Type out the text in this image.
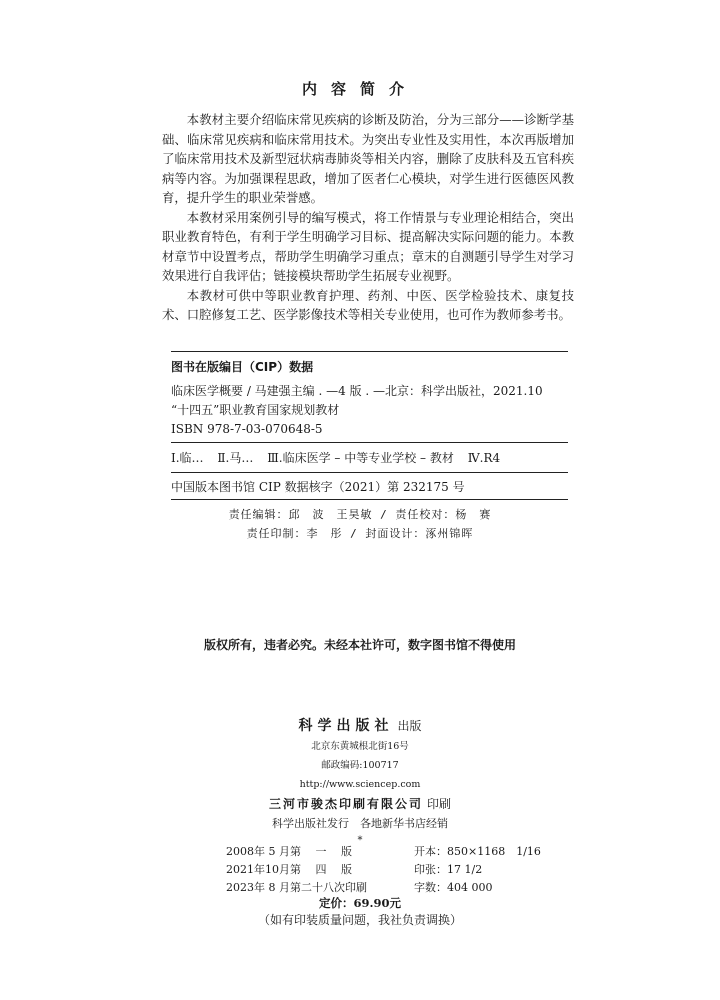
内容简介

本教材主要介绍临床常见疾病的诊断及防治，分为三部分——诊断学基础、临床常见疾病和临床常用技术。为突出专业性及实用性，本次再版增加了临床常用技术及新型冠状病毒肺炎等相关内容，删除了皮肤科及五官科疾病等内容。为加强课程思政，增加了医者仁心模块，对学生进行医德医风教育，提升学生的职业荣誉感。

本教材采用案例引导的编写模式，将工作情景与专业理论相结合，突出职业教育特色，有利于学生明确学习目标、提高解决实际问题的能力。本教材章节中设置考点，帮助学生明确学习重点；章末的自测题引导学生对学习效果进行自我评估；链接模块帮助学生拓展专业视野。

本教材可供中等职业教育护理、药剂、中医、医学检验技术、康复技术、口腔修复工艺、医学影像技术等相关专业使用，也可作为教师参考书。

图书在版编目（CIP）数据
临床医学概要 / 马建强主编 . —4 版 . —北京：科学出版社，2021.10
“十四五”职业教育国家规划教材
ISBN 978-7-03-070648-5
Ⅰ.临… Ⅱ.马… Ⅲ.临床医学 – 中等专业学校 – 教材 Ⅳ.R4
中国版本图书馆 CIP 数据核字（2021）第 232175 号
责任编辑：邱　波　王昊敏 / 责任校对：杨　赛
责任印制：李　彤 / 封面设计：涿州锦晖
版权所有，违者必究。未经本社许可，数字图书馆不得使用
科学出版社 出版
北京东黄城根北街16号
邮政编码:100717
http://www.sciencep.com
三河市骏杰印刷有限公司 印刷
科学出版社发行　各地新华书店经销
*
2008年 5 月第　 一　 版	开本：850×1168　1/16
2021年10月第　 四　 版	印张：17 1/2
2023年 8 月第二十八次印刷	字数：404 000
定价：69.90元
（如有印装质量问题，我社负责调换）
